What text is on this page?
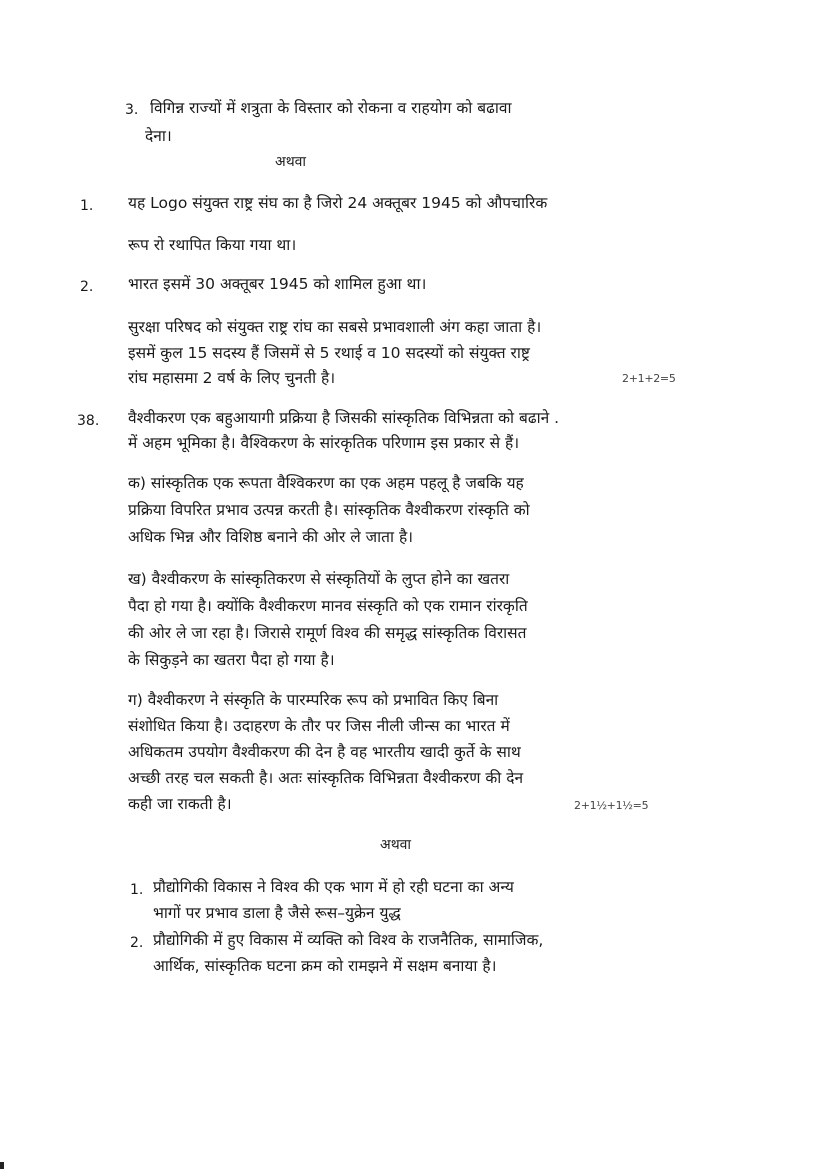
3. विगिन्न राज्यों में शत्रुता के विस्तार को रोकना व राहयोग को बढावा
देना।
अथवा
1. यह Logo संयुक्त राष्ट्र संघ का है जिरो 24 अक्तूबर 1945 को औपचारिक
रूप रो रथापित किया गया था।
2. भारत इसमें 30 अक्तूबर 1945 को शामिल हुआ था।
सुरक्षा परिषद को संयुक्त राष्ट्र रांघ का सबसे प्रभावशाली अंग कहा जाता है।
इसमें कुल 15 सदस्य हैं जिसमें से 5 रथाई व 10 सदस्यों को संयुक्त राष्ट्र
रांघ महासमा 2 वर्ष के लिए चुनती है।	2+1+2=5
38. वैश्वीकरण एक बहुआयागी प्रक्रिया है जिसकी सांस्कृतिक विभिन्नता को बढाने .
में अहम भूमिका है। वैश्विकरण के सांरकृतिक परिणाम इस प्रकार से हैं।
क) सांस्कृतिक एक रूपता वैश्विकरण का एक अहम पहलू है जबकि यह
प्रक्रिया विपरित प्रभाव उत्पन्न करती है। सांस्कृतिक वैश्वीकरण रांस्कृति को
अधिक भिन्न और विशिष्ठ बनाने की ओर ले जाता है।
ख) वैश्वीकरण के सांस्कृतिकरण से संस्कृतियों के लुप्त होने का खतरा
पैदा हो गया है। क्योंकि वैश्वीकरण मानव संस्कृति को एक रामान रांरकृति
की ओर ले जा रहा है। जिरासे रामूर्ण विश्व की समृद्ध सांस्कृतिक विरासत
के सिकुड़ने का खतरा पैदा हो गया है।
ग) वैश्वीकरण ने संस्कृति के पारम्परिक रूप को प्रभावित किए बिना
संशोधित किया है। उदाहरण के तौर पर जिस नीली जीन्स का भारत में
अधिकतम उपयोग वैश्वीकरण की देन है वह भारतीय खादी कुर्ते के साथ
अच्छी तरह चल सकती है। अतः सांस्कृतिक विभिन्नता वैश्वीकरण की देन
कही जा राकती है।	2+1½+1½=5
अथवा
1. प्रौद्योगिकी विकास ने विश्व की एक भाग में हो रही घटना का अन्य
भागों पर प्रभाव डाला है जैसे रूस–युक्रेन युद्ध
2. प्रौद्योगिकी में हुए विकास में व्यक्ति को विश्व के राजनैतिक, सामाजिक,
आर्थिक, सांस्कृतिक घटना क्रम को रामझने में सक्षम बनाया है।
